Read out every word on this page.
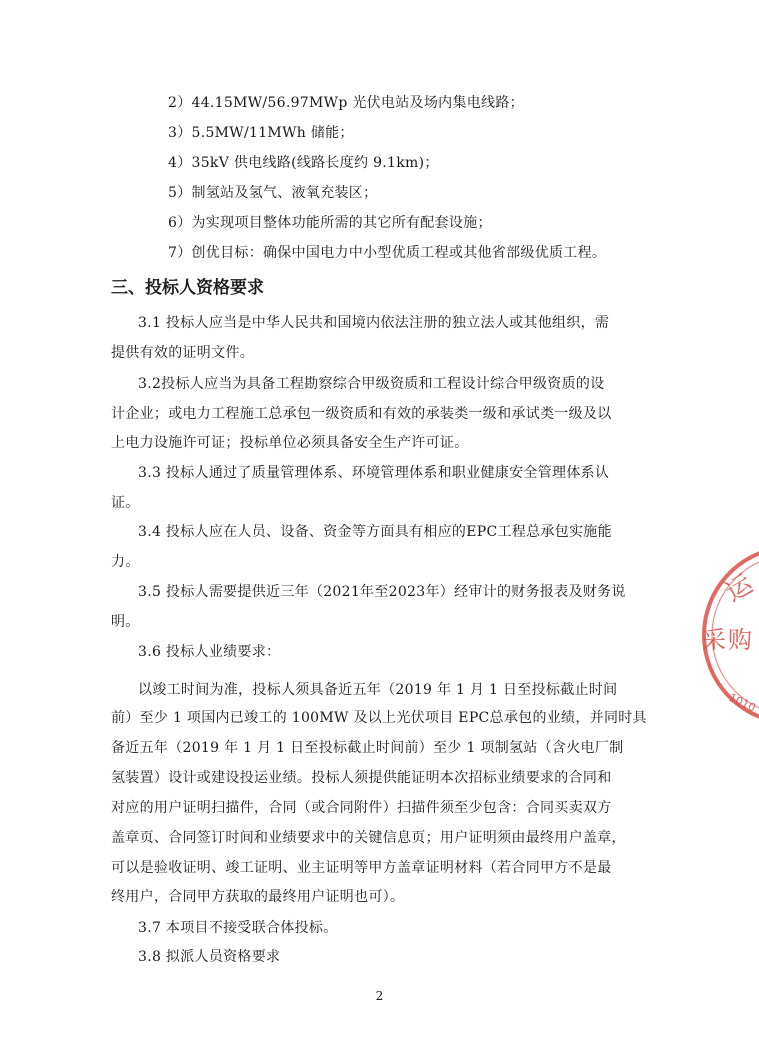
2）44.15MW/56.97MWp 光伏电站及场内集电线路；
3）5.5MW/11MWh 储能；
4）35kV 供电线路(线路长度约 9.1km)；
5）制氢站及氢气、液氧充装区；
6）为实现项目整体功能所需的其它所有配套设施；
7）创优目标：确保中国电力中小型优质工程或其他省部级优质工程。
三、投标人资格要求
3.1 投标人应当是中华人民共和国境内依法注册的独立法人或其他组织，需
提供有效的证明文件。
3.2投标人应当为具备工程勘察综合甲级资质和工程设计综合甲级资质的设
计企业；或电力工程施工总承包一级资质和有效的承装类一级和承试类一级及以
上电力设施许可证；投标单位必须具备安全生产许可证。
3.3 投标人通过了质量管理体系、环境管理体系和职业健康安全管理体系认
证。
3.4 投标人应在人员、设备、资金等方面具有相应的EPC工程总承包实施能
力。
3.5 投标人需要提供近三年（2021年至2023年）经审计的财务报表及财务说
明。
3.6 投标人业绩要求：
以竣工时间为准，投标人须具备近五年（2019 年 1 月 1 日至投标截止时间
前）至少 1 项国内已竣工的 100MW 及以上光伏项目 EPC总承包的业绩，并同时具
备近五年（2019 年 1 月 1 日至投标截止时间前）至少 1 项制氢站（含火电厂制
氢装置）设计或建设投运业绩。投标人须提供能证明本次招标业绩要求的合同和
对应的用户证明扫描件，合同（或合同附件）扫描件须至少包含：合同买卖双方
盖章页、合同签订时间和业绩要求中的关键信息页；用户证明须由最终用户盖章，
可以是验收证明、竣工证明、业主证明等甲方盖章证明材料（若合同甲方不是最
终用户，合同甲方获取的最终用户证明也可）。
3.7 本项目不接受联合体投标。
3.8 拟派人员资格要求
2
运
采 购
1010
